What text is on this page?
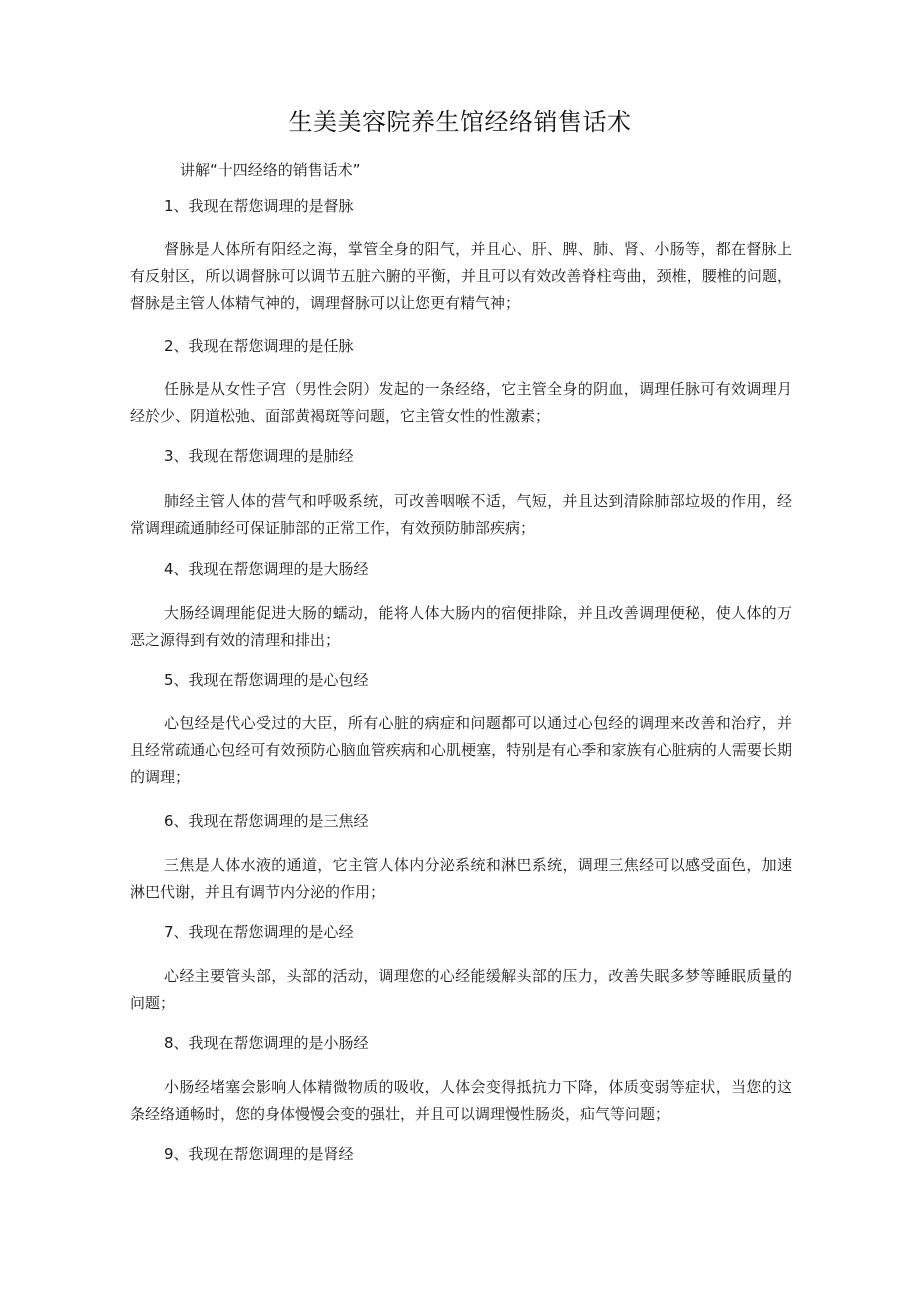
生美美容院养生馆经络销售话术

讲解“十四经络的销售话术”

1、我现在帮您调理的是督脉

督脉是人体所有阳经之海，掌管全身的阳气，并且心、肝、脾、肺、肾、小肠等，都在督脉上有反射区，所以调督脉可以调节五脏六腑的平衡，并且可以有效改善脊柱弯曲，颈椎，腰椎的问题，督脉是主管人体精气神的，调理督脉可以让您更有精气神；

2、我现在帮您调理的是任脉

任脉是从女性子宫（男性会阴）发起的一条经络，它主管全身的阴血，调理任脉可有效调理月经於少、阴道松弛、面部黄褐斑等问题，它主管女性的性激素；

3、我现在帮您调理的是肺经

肺经主管人体的营气和呼吸系统，可改善咽喉不适，气短，并且达到清除肺部垃圾的作用，经常调理疏通肺经可保证肺部的正常工作，有效预防肺部疾病；

4、我现在帮您调理的是大肠经

大肠经调理能促进大肠的蠕动，能将人体大肠内的宿便排除，并且改善调理便秘，使人体的万恶之源得到有效的清理和排出；

5、我现在帮您调理的是心包经

心包经是代心受过的大臣，所有心脏的病症和问题都可以通过心包经的调理来改善和治疗，并且经常疏通心包经可有效预防心脑血管疾病和心肌梗塞，特别是有心季和家族有心脏病的人需要长期的调理；

6、我现在帮您调理的是三焦经

三焦是人体水液的通道，它主管人体内分泌系统和淋巴系统，调理三焦经可以感受面色，加速淋巴代谢，并且有调节内分泌的作用；

7、我现在帮您调理的是心经

心经主要管头部，头部的活动，调理您的心经能缓解头部的压力，改善失眠多梦等睡眠质量的问题；

8、我现在帮您调理的是小肠经

小肠经堵塞会影响人体精微物质的吸收，人体会变得抵抗力下降，体质变弱等症状，当您的这条经络通畅时，您的身体慢慢会变的强壮，并且可以调理慢性肠炎，疝气等问题；

9、我现在帮您调理的是肾经
